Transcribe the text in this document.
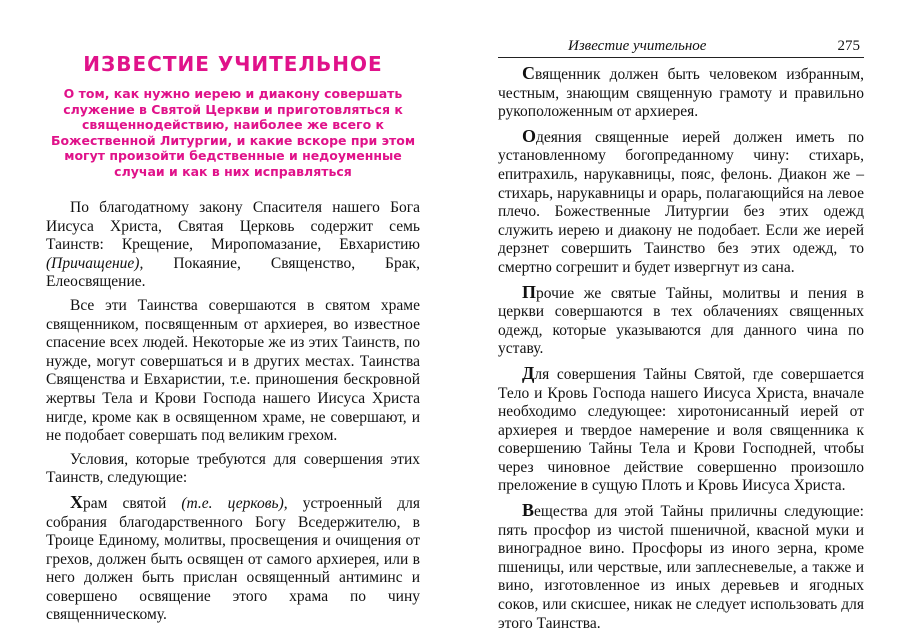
ИЗВЕСТИЕ УЧИТЕЛЬНОЕ

О том, как нужно иерею и диакону совершать служение в Святой Церкви и приготовляться к священнодействию, наиболее же всего к Божественной Литургии, и какие вскоре при этом могут произойти бедственные и недоуменные случаи и как в них исправляться

По благодатному закону Спасителя нашего Бога Иисуса Христа, Святая Церковь содержит семь Таинств: Крещение, Миропомазание, Евхаристию (Причащение), Покаяние, Священство, Брак, Елеосвящение.

Все эти Таинства совершаются в святом храме священником, посвященным от архиерея, во известное спасение всех людей. Некоторые же из этих Таинств, по нужде, могут совершаться и в других местах. Таинства Священства и Евхаристии, т.е. приношения бескровной жертвы Тела и Крови Господа нашего Иисуса Христа нигде, кроме как в освященном храме, не совершают, и не подобает совершать под великим грехом.

Условия, которые требуются для совершения этих Таинств, следующие:

Храм святой (т.е. церковь), устроенный для собрания благодарственного Богу Вседержителю, в Троице Единому, молитвы, просвещения и очищения от грехов, должен быть освящен от самого архиерея, или в него должен быть прислан освященный антиминс и совершено освящение этого храма по чину священническому.

Известие учительное	275

Священник должен быть человеком избранным, честным, знающим священную грамоту и правильно рукоположенным от архиерея.

Одеяния священные иерей должен иметь по установленному богопреданному чину: стихарь, епитрахиль, нарукавницы, пояс, фелонь. Диакон же – стихарь, нарукавницы и орарь, полагающийся на левое плечо. Божественные Литургии без этих одежд служить иерею и диакону не подобает. Если же иерей дерзнет совершить Таинство без этих одежд, то смертно согрешит и будет извергнут из сана.

Прочие же святые Тайны, молитвы и пения в церкви совершаются в тех облачениях священных одежд, которые указываются для данного чина по уставу.

Для совершения Тайны Святой, где совершается Тело и Кровь Господа нашего Иисуса Христа, вначале необходимо следующее: хиротонисанный иерей от архиерея и твердое намерение и воля священника к совершению Тайны Тела и Крови Господней, чтобы через чиновное действие совершенно произошло преложение в сущую Плоть и Кровь Иисуса Христа.

Вещества для этой Тайны приличны следующие: пять просфор из чистой пшеничной, квасной муки и виноградное вино. Просфоры из иного зерна, кроме пшеницы, или черствые, или заплесневелые, а также и вино, изготовленное из иных деревьев и ягодных соков, или скисшее, никак не следует использовать для этого Таинства.
